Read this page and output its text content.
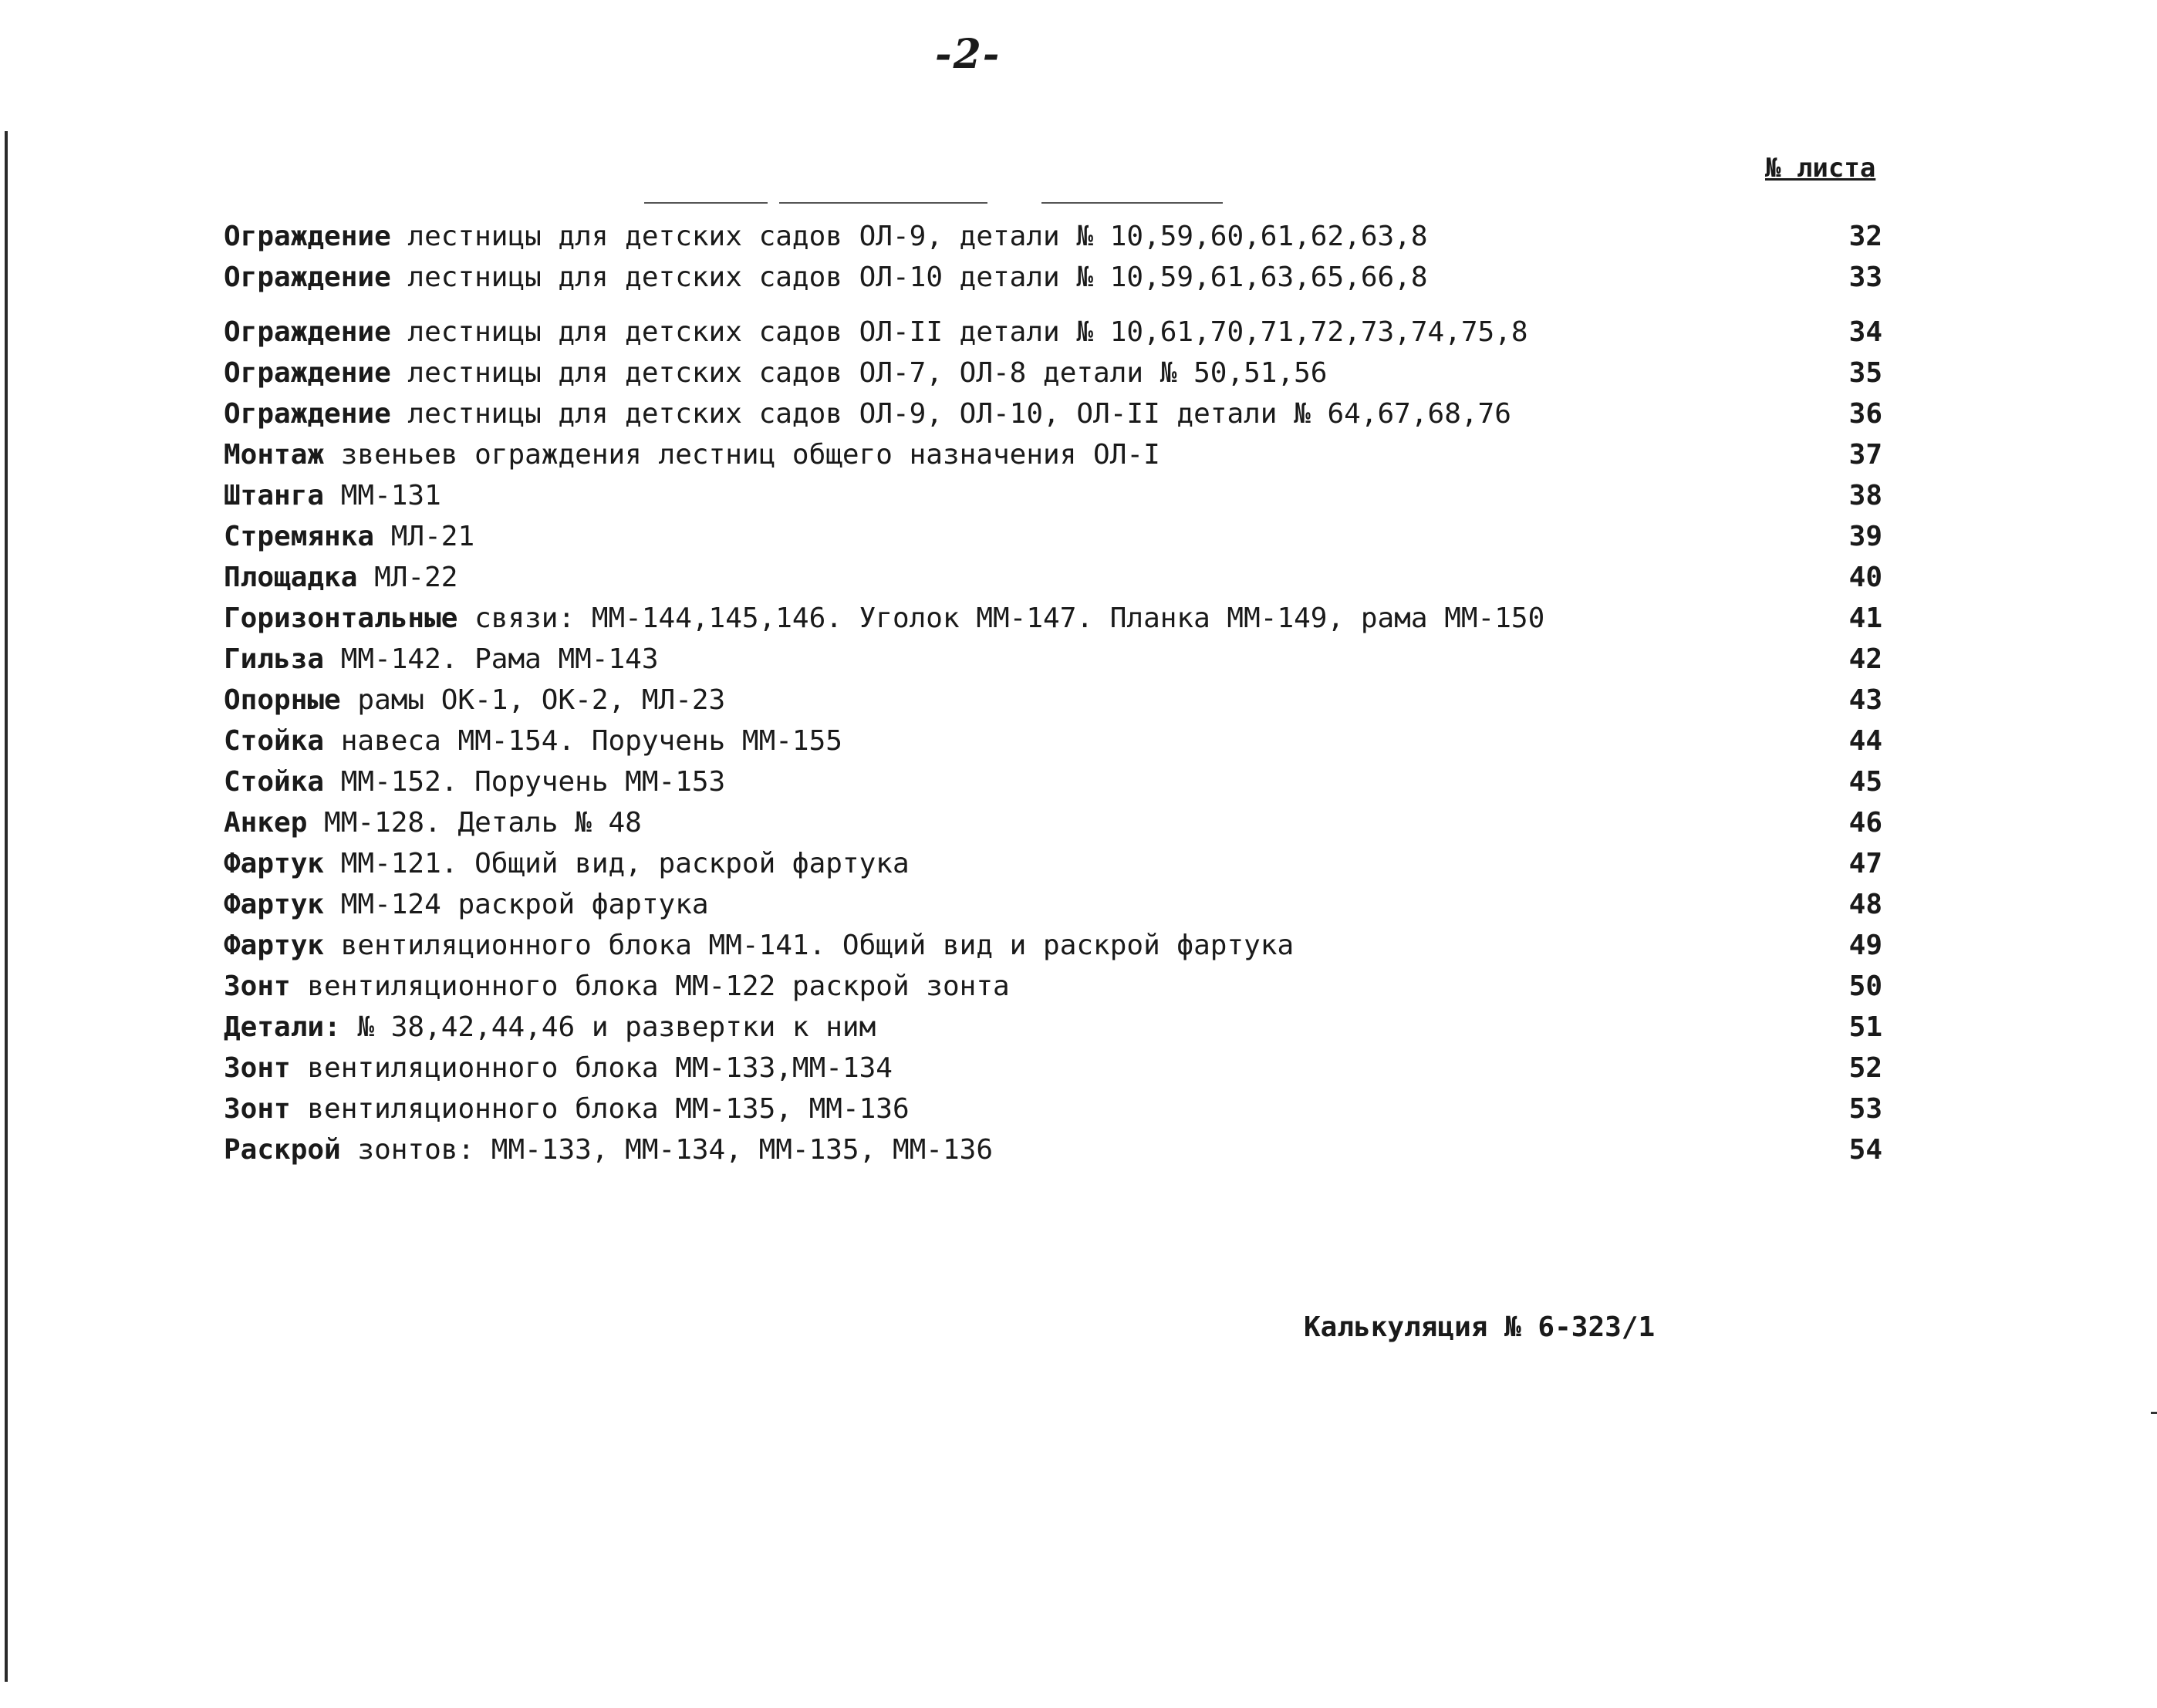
-2-
№ листа
Ограждение лестницы для детских садов ОЛ-9, детали № 10,59,60,61,62,63,8	32
Ограждение лестницы для детских садов ОЛ-10 детали № 10,59,61,63,65,66,8	33
Ограждение лестницы для детских садов ОЛ-II детали № 10,61,70,71,72,73,74,75,8	34
Ограждение лестницы для детских садов ОЛ-7, ОЛ-8 детали № 50,51,56	35
Ограждение лестницы для детских садов ОЛ-9, ОЛ-10, ОЛ-II детали № 64,67,68,76	36
Монтаж звеньев ограждения лестниц общего назначения ОЛ-I	37
Штанга ММ-131	38
Стремянка МЛ-21	39
Площадка МЛ-22	40
Горизонтальные связи: ММ-144,145,146. Уголок ММ-147. Планка ММ-149, рама ММ-150	41
Гильза ММ-142. Рама ММ-143	42
Опорные рамы ОК-1, ОК-2, МЛ-23	43
Стойка навеса ММ-154. Поручень ММ-155	44
Стойка ММ-152. Поручень ММ-153	45
Анкер ММ-128. Деталь № 48	46
Фартук ММ-121. Общий вид, раскрой фартука	47
Фартук ММ-124 раскрой фартука	48
Фартук вентиляционного блока ММ-141. Общий вид и раскрой фартука	49
Зонт вентиляционного блока ММ-122 раскрой зонта	50
Детали: № 38,42,44,46 и развертки к ним	51
Зонт вентиляционного блока ММ-133,ММ-134	52
Зонт вентиляционного блока ММ-135, ММ-136	53
Раскрой зонтов: ММ-133, ММ-134, ММ-135, ММ-136	54
Калькуляция № 6-323/1
